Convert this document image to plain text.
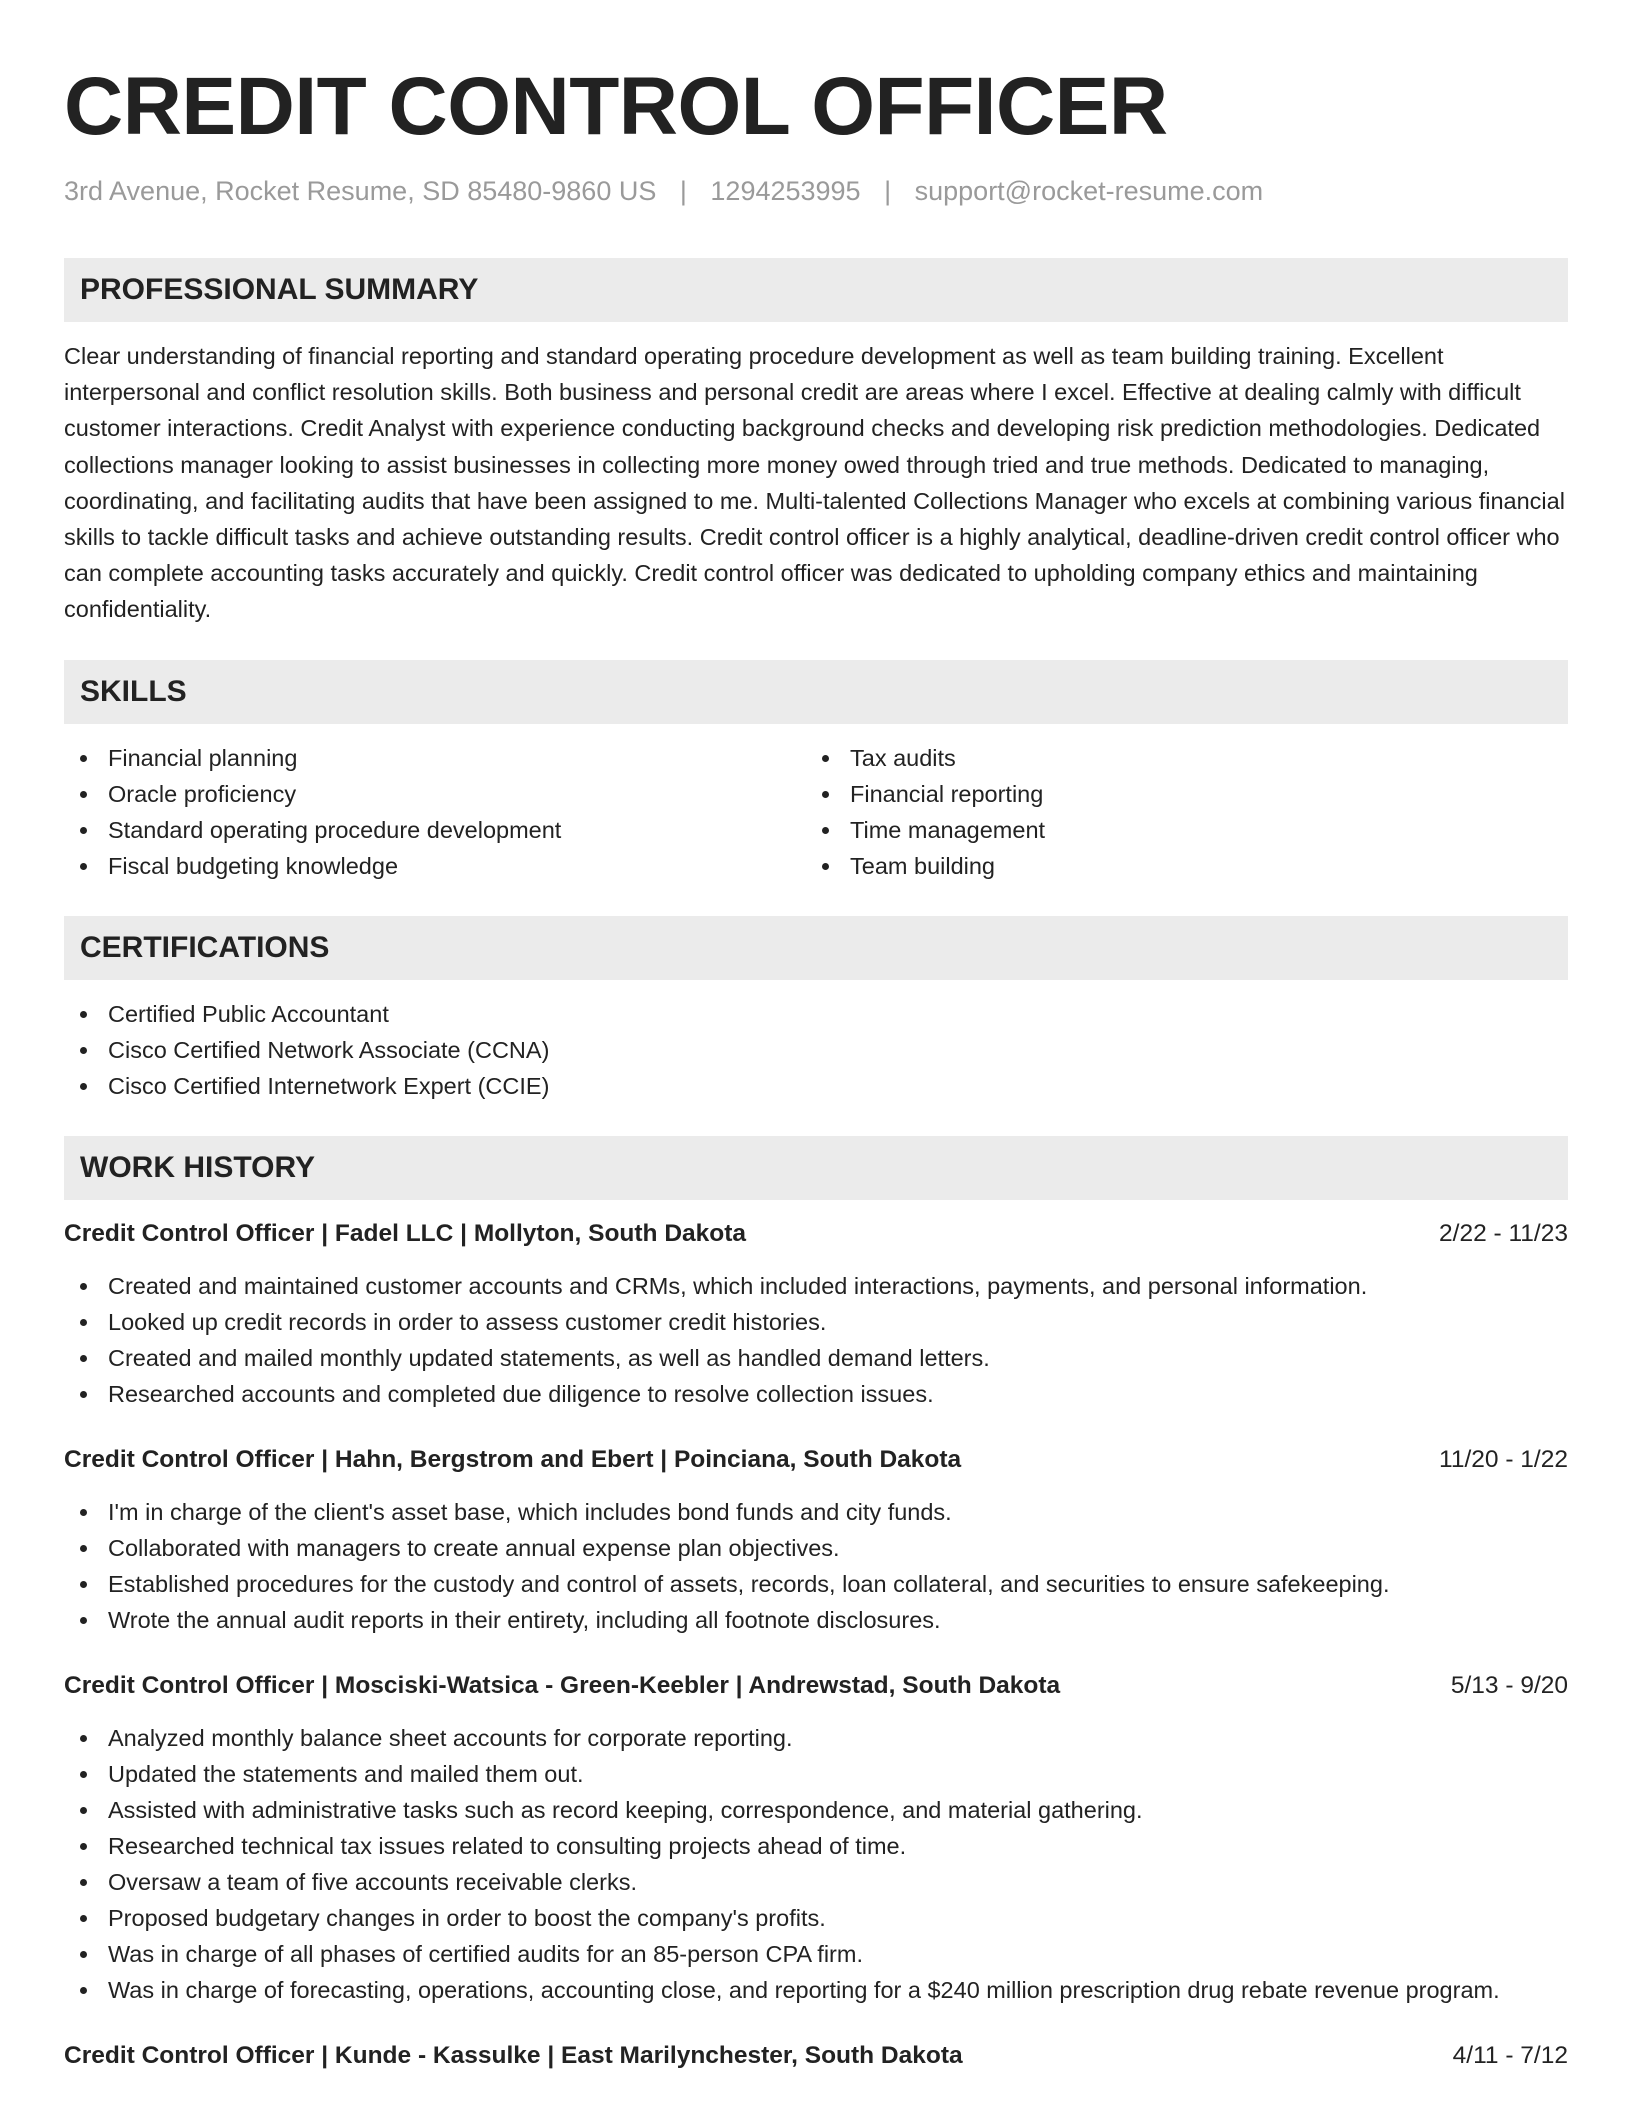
CREDIT CONTROL OFFICER
3rd Avenue, Rocket Resume, SD 85480-9860 US | 1294253995 | support@rocket-resume.com
PROFESSIONAL SUMMARY

Clear understanding of financial reporting and standard operating procedure development as well as team building training. Excellent interpersonal and conflict resolution skills. Both business and personal credit are areas where I excel. Effective at dealing calmly with difficult customer interactions. Credit Analyst with experience conducting background checks and developing risk prediction methodologies. Dedicated collections manager looking to assist businesses in collecting more money owed through tried and true methods. Dedicated to managing, coordinating, and facilitating audits that have been assigned to me. Multi-talented Collections Manager who excels at combining various financial skills to tackle difficult tasks and achieve outstanding results. Credit control officer is a highly analytical, deadline-driven credit control officer who can complete accounting tasks accurately and quickly. Credit control officer was dedicated to upholding company ethics and maintaining confidentiality.

SKILLS
Financial planning
Oracle proficiency
Standard operating procedure development
Fiscal budgeting knowledge
Tax audits
Financial reporting
Time management
Team building
CERTIFICATIONS
Certified Public Accountant
Cisco Certified Network Associate (CCNA)
Cisco Certified Internetwork Expert (CCIE)
WORK HISTORY
Credit Control Officer | Fadel LLC | Mollyton, South Dakota	2/22 - 11/23
Created and maintained customer accounts and CRMs, which included interactions, payments, and personal information.
Looked up credit records in order to assess customer credit histories.
Created and mailed monthly updated statements, as well as handled demand letters.
Researched accounts and completed due diligence to resolve collection issues.
Credit Control Officer | Hahn, Bergstrom and Ebert | Poinciana, South Dakota	11/20 - 1/22
I'm in charge of the client's asset base, which includes bond funds and city funds.
Collaborated with managers to create annual expense plan objectives.
Established procedures for the custody and control of assets, records, loan collateral, and securities to ensure safekeeping.
Wrote the annual audit reports in their entirety, including all footnote disclosures.
Credit Control Officer | Mosciski-Watsica - Green-Keebler | Andrewstad, South Dakota	5/13 - 9/20
Analyzed monthly balance sheet accounts for corporate reporting.
Updated the statements and mailed them out.
Assisted with administrative tasks such as record keeping, correspondence, and material gathering.
Researched technical tax issues related to consulting projects ahead of time.
Oversaw a team of five accounts receivable clerks.
Proposed budgetary changes in order to boost the company's profits.
Was in charge of all phases of certified audits for an 85-person CPA firm.
Was in charge of forecasting, operations, accounting close, and reporting for a $240 million prescription drug rebate revenue program.
Credit Control Officer | Kunde - Kassulke | East Marilynchester, South Dakota	4/11 - 7/12
